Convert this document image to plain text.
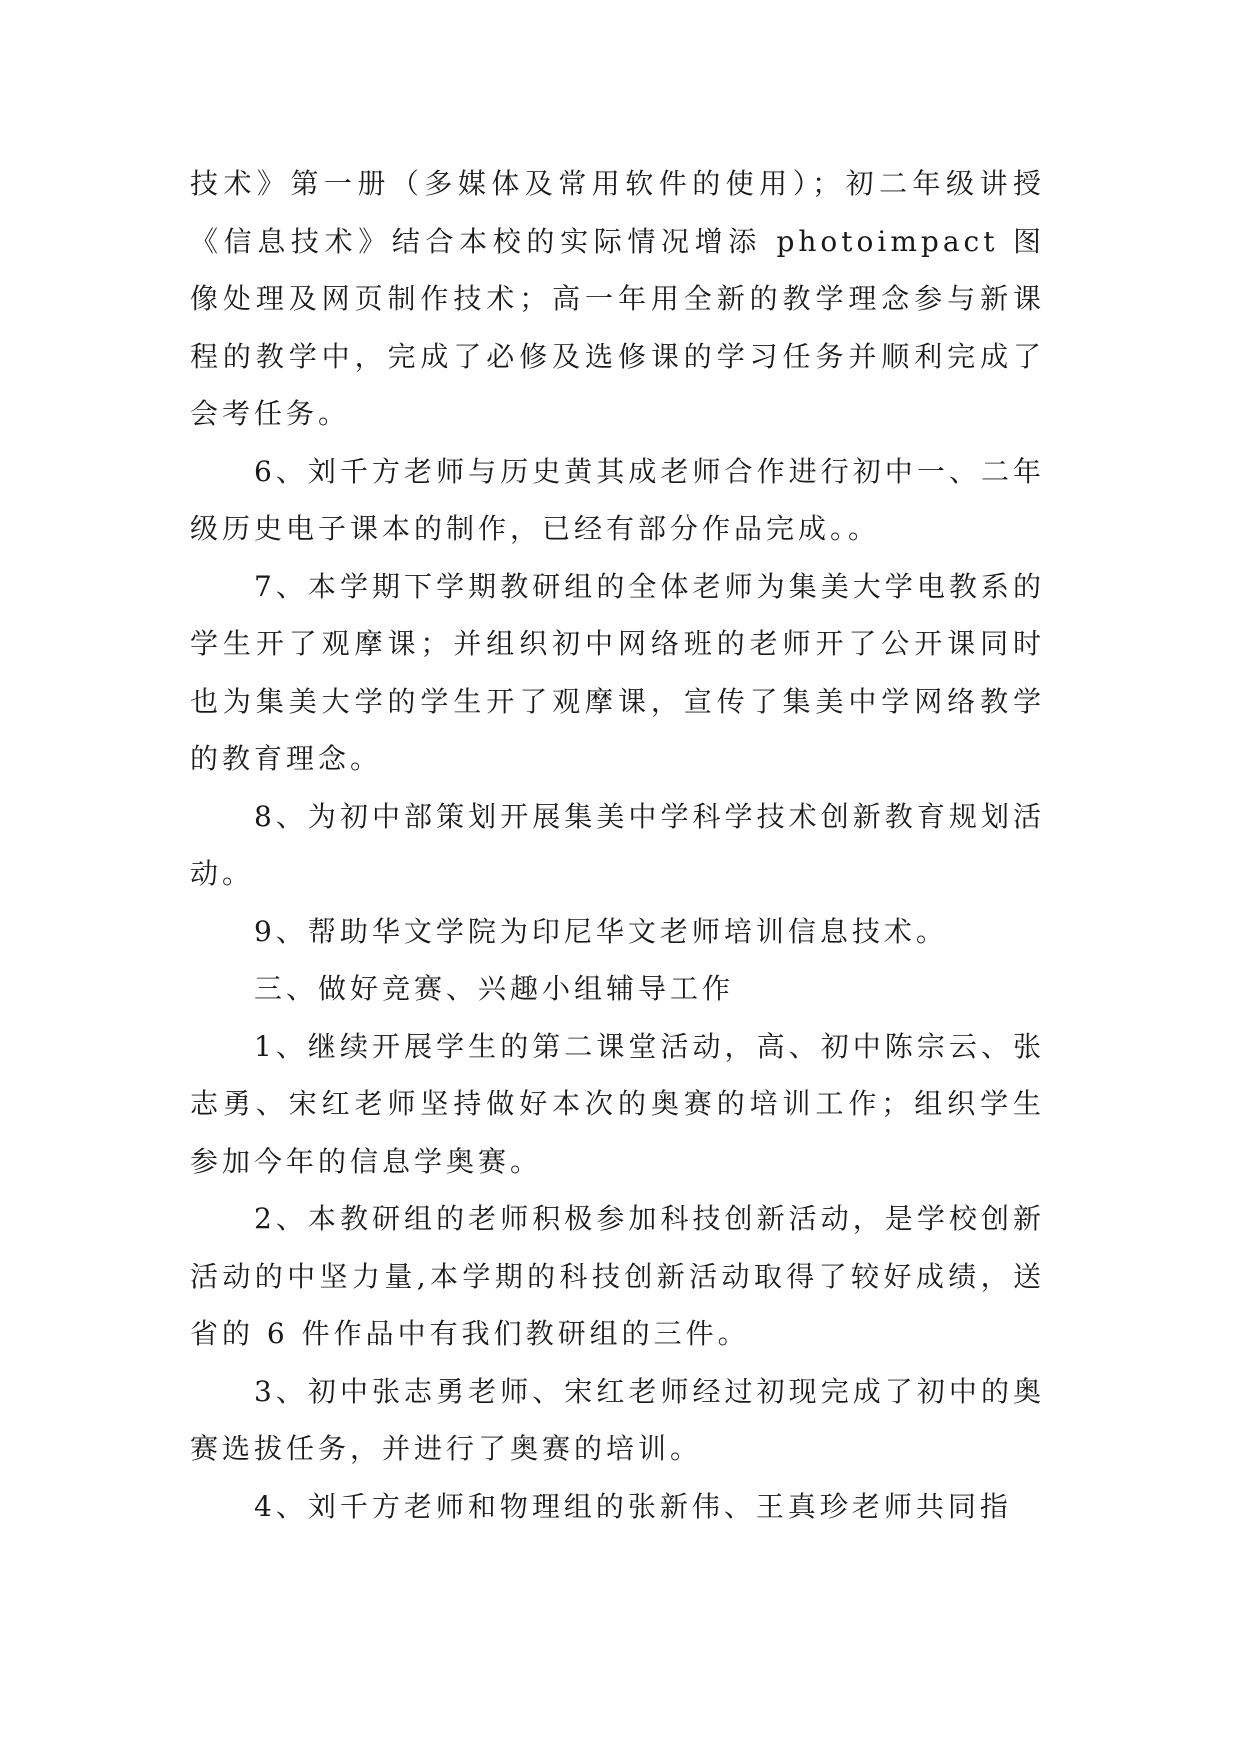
技术》第一册（多媒体及常用软件的使用）；初二年级讲授《信息技术》结合本校的实际情况增添 photoimpact 图像处理及网页制作技术；高一年用全新的教学理念参与新课程的教学中，完成了必修及选修课的学习任务并顺利完成了会考任务。

6、刘千方老师与历史黄其成老师合作进行初中一、二年级历史电子课本的制作，已经有部分作品完成。。

7、本学期下学期教研组的全体老师为集美大学电教系的学生开了观摩课；并组织初中网络班的老师开了公开课同时也为集美大学的学生开了观摩课，宣传了集美中学网络教学的教育理念。

8、为初中部策划开展集美中学科学技术创新教育规划活动。

9、帮助华文学院为印尼华文老师培训信息技术。

三、做好竞赛、兴趣小组辅导工作

1、继续开展学生的第二课堂活动，高、初中陈宗云、张志勇、宋红老师坚持做好本次的奥赛的培训工作；组织学生参加今年的信息学奥赛。

2、本教研组的老师积极参加科技创新活动，是学校创新活动的中坚力量,本学期的科技创新活动取得了较好成绩，送省的 6 件作品中有我们教研组的三件。

3、初中张志勇老师、宋红老师经过初现完成了初中的奥赛选拔任务，并进行了奥赛的培训。

4、刘千方老师和物理组的张新伟、王真珍老师共同指
